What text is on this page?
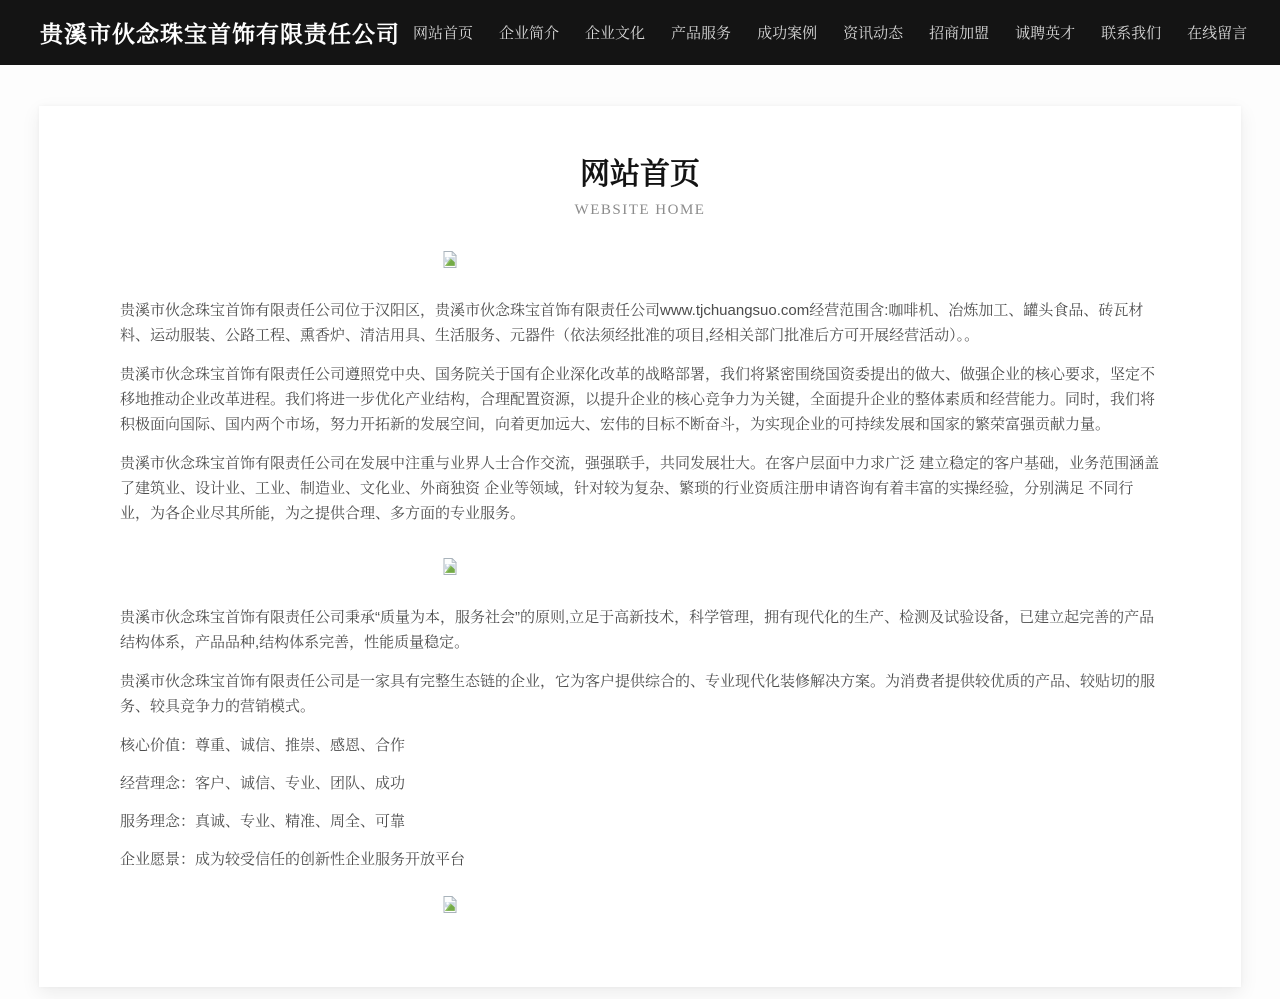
贵溪市伙念珠宝首饰有限责任公司 网站首页	企业简介	企业文化	产品服务	成功案例	资讯动态	招商加盟	诚聘英才	联系我们	在线留言
网站首页
WEBSITE HOME

贵溪市伙念珠宝首饰有限责任公司位于汉阳区，贵溪市伙念珠宝首饰有限责任公司www.tjchuangsuo.com经营范围含:咖啡机、冶炼加工、罐头食品、砖瓦材料、运动服装、公路工程、熏香炉、清洁用具、生活服务、元器件（依法须经批准的项目,经相关部门批准后方可开展经营活动）。。

贵溪市伙念珠宝首饰有限责任公司遵照党中央、国务院关于国有企业深化改革的战略部署，我们将紧密围绕国资委提出的做大、做强企业的核心要求，坚定不移地推动企业改革进程。我们将进一步优化产业结构，合理配置资源，以提升企业的核心竞争力为关键，全面提升企业的整体素质和经营能力。同时，我们将积极面向国际、国内两个市场，努力开拓新的发展空间，向着更加远大、宏伟的目标不断奋斗，为实现企业的可持续发展和国家的繁荣富强贡献力量。

贵溪市伙念珠宝首饰有限责任公司在发展中注重与业界人士合作交流，强强联手，共同发展壮大。在客户层面中力求广泛 建立稳定的客户基础，业务范围涵盖了建筑业、设计业、工业、制造业、文化业、外商独资 企业等领域，针对较为复杂、繁琐的行业资质注册申请咨询有着丰富的实操经验，分别满足 不同行业，为各企业尽其所能，为之提供合理、多方面的专业服务。

贵溪市伙念珠宝首饰有限责任公司秉承“质量为本，服务社会”的原则,立足于高新技术，科学管理，拥有现代化的生产、检测及试验设备，已建立起完善的产品结构体系，产品品种,结构体系完善，性能质量稳定。

贵溪市伙念珠宝首饰有限责任公司是一家具有完整生态链的企业，它为客户提供综合的、专业现代化装修解决方案。为消费者提供较优质的产品、较贴切的服务、较具竞争力的营销模式。

核心价值：尊重、诚信、推崇、感恩、合作

经营理念：客户、诚信、专业、团队、成功

服务理念：真诚、专业、精准、周全、可靠

企业愿景：成为较受信任的创新性企业服务开放平台
